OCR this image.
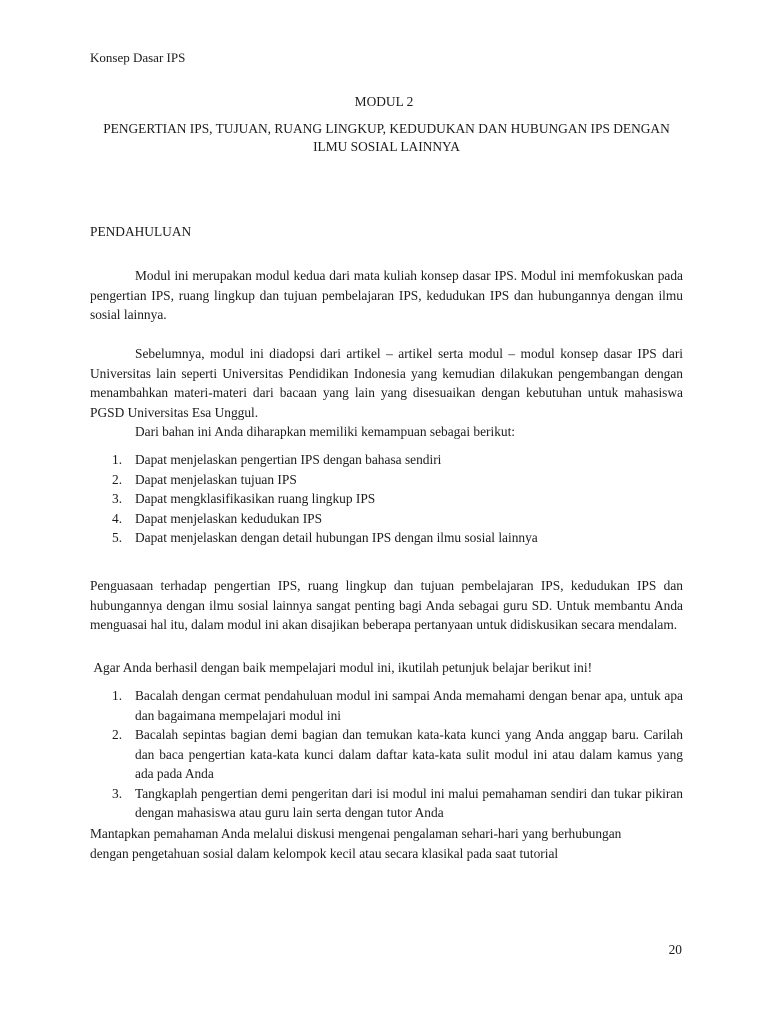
Konsep Dasar IPS
MODUL 2
PENGERTIAN IPS, TUJUAN, RUANG LINGKUP, KEDUDUKAN DAN HUBUNGAN IPS DENGAN ILMU SOSIAL LAINNYA
PENDAHULUAN
Modul ini merupakan modul kedua dari mata kuliah konsep dasar IPS. Modul ini memfokuskan pada pengertian IPS, ruang lingkup dan tujuan pembelajaran IPS, kedudukan IPS dan hubungannya dengan ilmu sosial lainnya.
Sebelumnya, modul ini diadopsi dari artikel – artikel serta modul – modul konsep dasar IPS dari Universitas lain seperti Universitas Pendidikan Indonesia yang kemudian dilakukan pengembangan dengan menambahkan materi-materi dari bacaan yang lain yang disesuaikan dengan kebutuhan untuk mahasiswa PGSD Universitas Esa Unggul.
Dari bahan ini Anda diharapkan memiliki kemampuan sebagai berikut:
1. Dapat menjelaskan pengertian IPS dengan bahasa sendiri
2. Dapat menjelaskan tujuan IPS
3. Dapat mengklasifikasikan ruang lingkup IPS
4. Dapat menjelaskan kedudukan IPS
5. Dapat menjelaskan dengan detail hubungan IPS dengan ilmu sosial lainnya
Penguasaan terhadap pengertian IPS, ruang lingkup dan tujuan pembelajaran IPS, kedudukan IPS dan hubungannya dengan ilmu sosial lainnya sangat penting bagi Anda sebagai guru SD. Untuk membantu Anda menguasai hal itu, dalam modul ini akan disajikan beberapa pertanyaan untuk didiskusikan secara mendalam.
Agar Anda berhasil dengan baik mempelajari modul ini, ikutilah petunjuk belajar berikut ini!
1. Bacalah dengan cermat pendahuluan modul ini sampai Anda memahami dengan benar apa, untuk apa dan bagaimana mempelajari modul ini
2. Bacalah sepintas bagian demi bagian dan temukan kata-kata kunci yang Anda anggap baru. Carilah dan baca pengertian kata-kata kunci dalam daftar kata-kata sulit modul ini atau dalam kamus yang ada pada Anda
3. Tangkaplah pengertian demi pengeritan dari isi modul ini malui pemahaman sendiri dan tukar pikiran dengan mahasiswa atau guru lain serta dengan tutor Anda
Mantapkan pemahaman Anda melalui diskusi mengenai pengalaman sehari-hari yang berhubungan dengan pengetahuan sosial dalam kelompok kecil atau secara klasikal pada saat tutorial
20
